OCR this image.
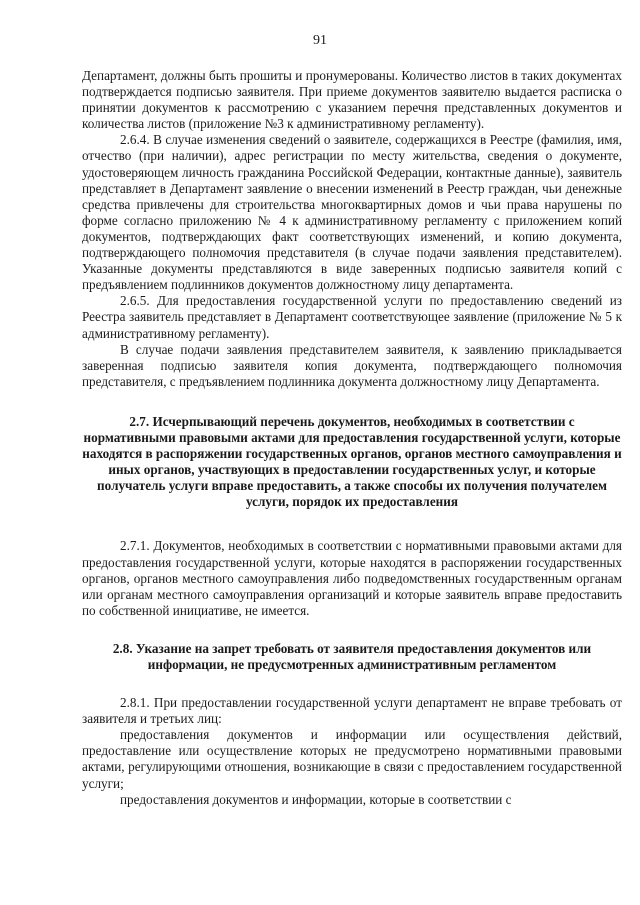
91

Департамент, должны быть прошиты и пронумерованы. Количество листов в таких документах подтверждается подписью заявителя. При приеме документов заявителю выдается расписка о принятии документов к рассмотрению с указанием перечня представленных документов и количества листов (приложение №3 к административному регламенту).

2.6.4. В случае изменения сведений о заявителе, содержащихся в Реестре (фамилия, имя, отчество (при наличии), адрес регистрации по месту жительства, сведения о документе, удостоверяющем личность гражданина Российской Федерации, контактные данные), заявитель представляет в Департамент заявление о внесении изменений в Реестр граждан, чьи денежные средства привлечены для строительства многоквартирных домов и чьи права нарушены по форме согласно приложению № 4 к административному регламенту с приложением копий документов, подтверждающих факт соответствующих изменений, и копию документа, подтверждающего полномочия представителя (в случае подачи заявления представителем). Указанные документы представляются в виде заверенных подписью заявителя копий с предъявлением подлинников документов должностному лицу департамента.

2.6.5. Для предоставления государственной услуги по предоставлению сведений из Реестра заявитель представляет в Департамент соответствующее заявление (приложение № 5 к административному регламенту).

В случае подачи заявления представителем заявителя, к заявлению прикладывается заверенная подписью заявителя копия документа, подтверждающего полномочия представителя, с предъявлением подлинника документа должностному лицу Департамента.

2.7. Исчерпывающий перечень документов, необходимых в соответствии с нормативными правовыми актами для предоставления государственной услуги, которые находятся в распоряжении государственных органов, органов местного самоуправления и иных органов, участвующих в предоставлении государственных услуг, и которые получатель услуги вправе предоставить, а также способы их получения получателем услуги, порядок их предоставления

2.7.1. Документов, необходимых в соответствии с нормативными правовыми актами для предоставления государственной услуги, которые находятся в распоряжении государственных органов, органов местного самоуправления либо подведомственных государственным органам или органам местного самоуправления организаций и которые заявитель вправе предоставить по собственной инициативе, не имеется.

2.8. Указание на запрет требовать от заявителя предоставления документов или информации, не предусмотренных административным регламентом

2.8.1. При предоставлении государственной услуги департамент не вправе требовать от заявителя и третьих лиц:

предоставления документов и информации или осуществления действий, предоставление или осуществление которых не предусмотрено нормативными правовыми актами, регулирующими отношения, возникающие в связи с предоставлением государственной услуги;

предоставления документов и информации, которые в соответствии с
